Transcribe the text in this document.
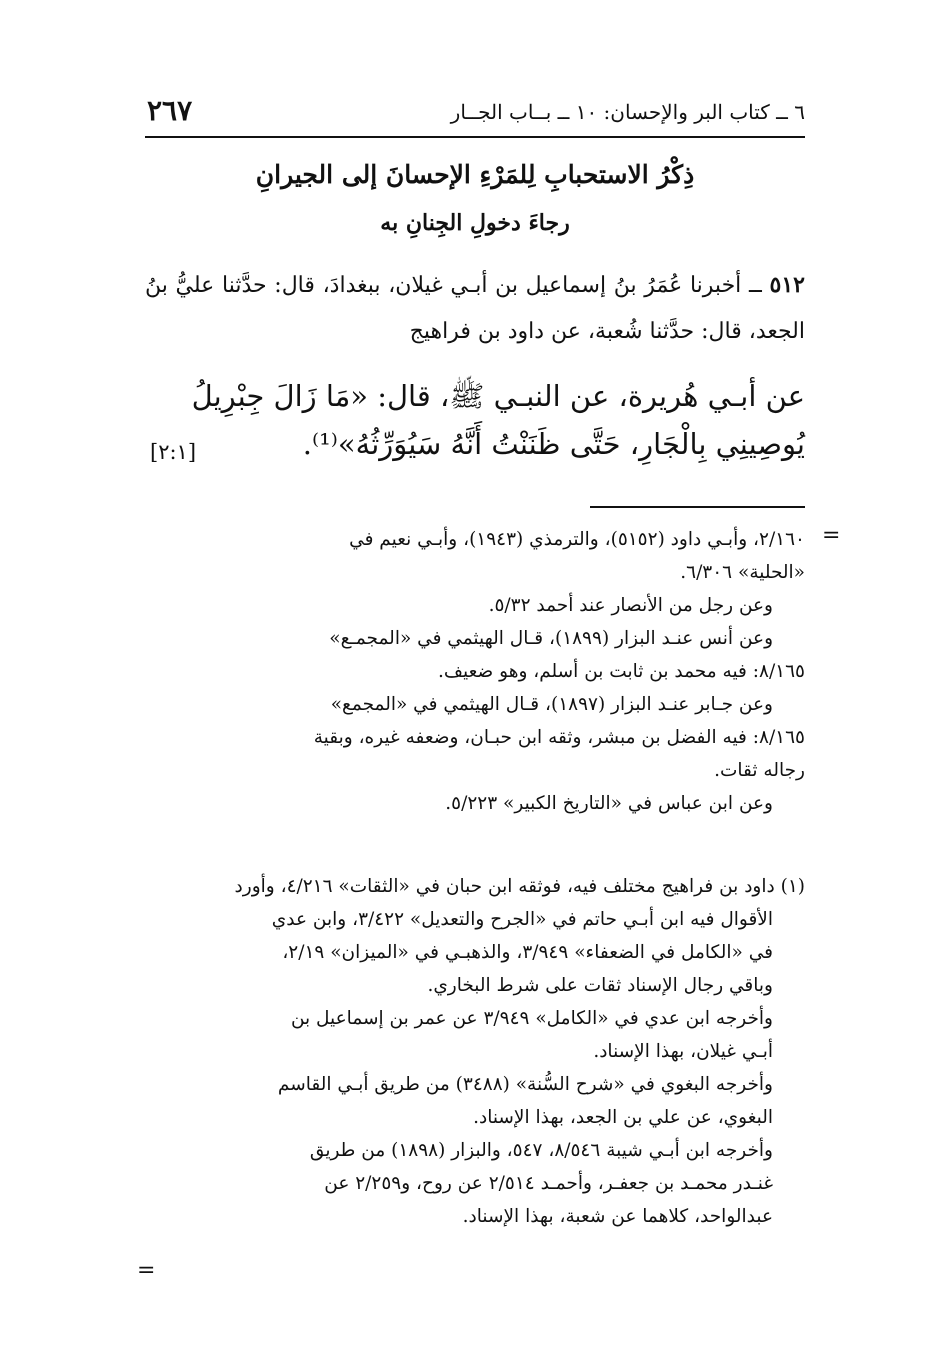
٦ ــ كتاب البر والإحسان: ١٠ ــ بــاب الجــار
٢٦٧
ذِكْرُ الاستحبابِ لِلمَرْءِ الإحسانَ إلى الجيرانِ
رجاءَ دخولِ الجِنانِ به
٥١٢ ــ أخبرنا عُمَرُ بنُ إسماعيل بن أبـي غيلان، ببغدادَ، قال: حدَّثنا عليُّ بنُ الجعد، قال: حدَّثنا شُعبة، عن داود بن فراهيج
عن أبـي هُريرة، عن النبـي ﷺ، قال: «مَا زَالَ جِبْرِيلُ
يُوصِينِي بِالْجَارِ، حَتَّى ظَنَنْتُ أَنَّهُ سَيُوَرِّثُهُ»⁽¹⁾.
[٢:١]
=
٢/١٦٠، وأبـي داود (٥١٥٢)، والترمذي (١٩٤٣)، وأبـي نعيم في
«الحلية» ٦/٣٠٦.
وعن رجل من الأنصار عند أحمد ٥/٣٢.
وعن أنس عنـد البزار (١٨٩٩)، قـال الهيثمي في «المجمـع»
٨/١٦٥: فيه محمد بن ثابت بن أسلم، وهو ضعيف.
وعن جـابر عنـد البزار (١٨٩٧)، قـال الهيثمي في «المجمع»
٨/١٦٥: فيه الفضل بن مبشر، وثقه ابن حبـان، وضعفه غيره، وبقية
رجاله ثقات.
وعن ابن عباس في «التاريخ الكبير» ٥/٢٢٣.
(١) داود بن فراهيج مختلف فيه، فوثقه ابن حبان في «الثقات» ٤/٢١٦، وأورد
الأقوال فيه ابن أبـي حاتم في «الجرح والتعديل» ٣/٤٢٢، وابن عدي
في «الكامل في الضعفاء» ٣/٩٤٩، والذهبـي في «الميزان» ٢/١٩،
وباقي رجال الإسناد ثقات على شرط البخاري.
وأخرجه ابن عدي في «الكامل» ٣/٩٤٩ عن عمر بن إسماعيل بن
أبـي غيلان، بهذا الإسناد.
وأخرجه البغوي في «شرح السُّنة» (٣٤٨٨) من طريق أبـي القاسم
البغوي، عن علي بن الجعد، بهذا الإسناد.
وأخرجه ابن أبـي شيبة ٨/٥٤٦، ٥٤٧، والبزار (١٨٩٨) من طريق
غنـدر محمـد بن جعفـر، وأحمـد ٢/٥١٤ عن روح، و٢/٢٥٩ عن
عبدالواحد، كلاهما عن شعبة، بهذا الإسناد.
=
